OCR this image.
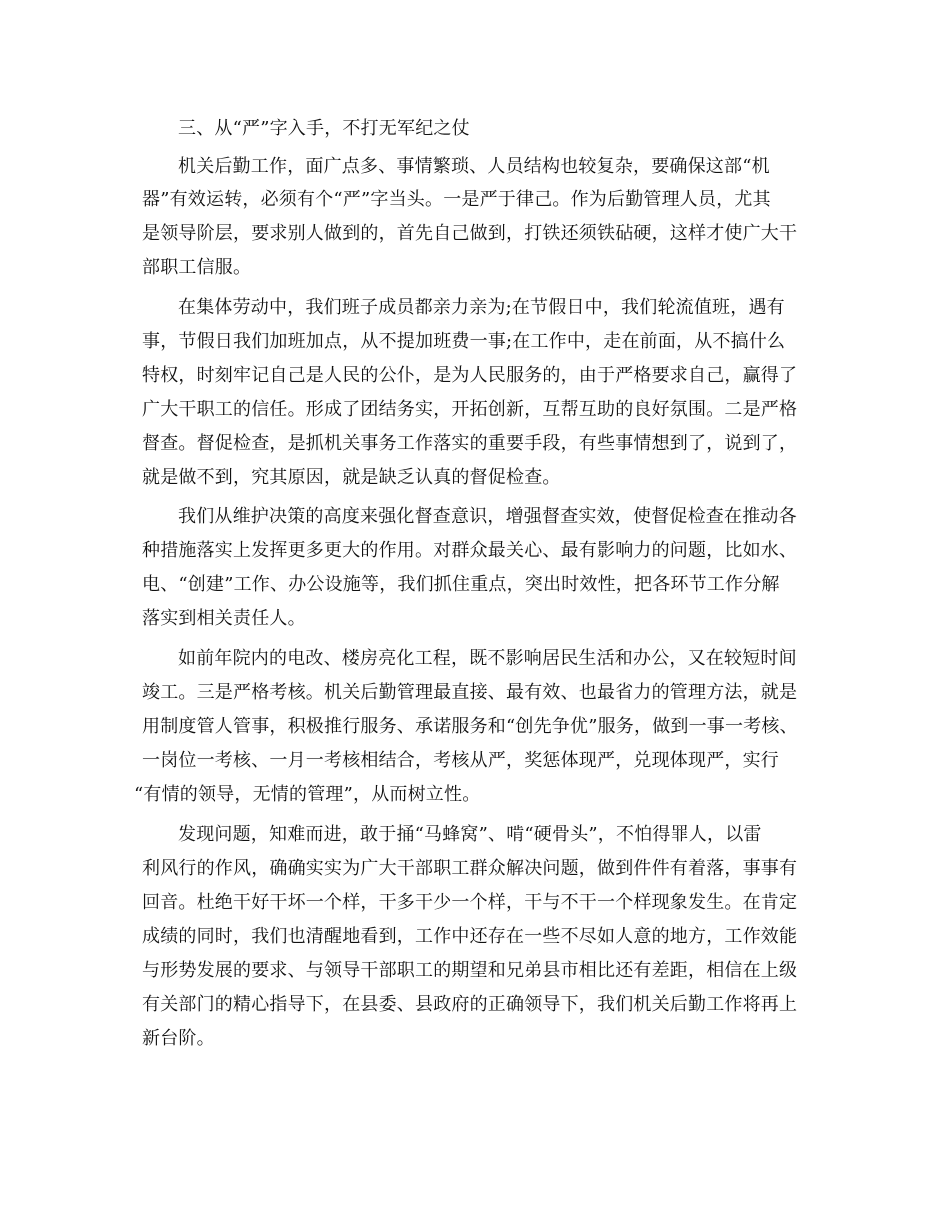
三、从“严”字入手，不打无军纪之仗
机关后勤工作，面广点多、事情繁琐、人员结构也较复杂，要确保这部“机
器”有效运转，必须有个“严”字当头。一是严于律己。作为后勤管理人员，尤其
是领导阶层，要求别人做到的，首先自己做到，打铁还须铁砧硬，这样才使广大干
部职工信服。
在集体劳动中，我们班子成员都亲力亲为;在节假日中，我们轮流值班，遇有
事，节假日我们加班加点，从不提加班费一事;在工作中，走在前面，从不搞什么
特权，时刻牢记自己是人民的公仆，是为人民服务的，由于严格要求自己，赢得了
广大干职工的信任。形成了团结务实，开拓创新，互帮互助的良好氛围。二是严格
督查。督促检查，是抓机关事务工作落实的重要手段，有些事情想到了，说到了，
就是做不到，究其原因，就是缺乏认真的督促检查。
我们从维护决策的高度来强化督查意识，增强督查实效，使督促检查在推动各
种措施落实上发挥更多更大的作用。对群众最关心、最有影响力的问题，比如水、
电、“创建”工作、办公设施等，我们抓住重点，突出时效性，把各环节工作分解
落实到相关责任人。
如前年院内的电改、楼房亮化工程，既不影响居民生活和办公，又在较短时间
竣工。三是严格考核。机关后勤管理最直接、最有效、也最省力的管理方法，就是
用制度管人管事，积极推行服务、承诺服务和“创先争优”服务，做到一事一考核、
一岗位一考核、一月一考核相结合，考核从严，奖惩体现严，兑现体现严，实行
“有情的领导，无情的管理”，从而树立性。
发现问题，知难而进，敢于捅“马蜂窝”、啃“硬骨头”，不怕得罪人，以雷
利风行的作风，确确实实为广大干部职工群众解决问题，做到件件有着落，事事有
回音。杜绝干好干坏一个样，干多干少一个样，干与不干一个样现象发生。在肯定
成绩的同时，我们也清醒地看到，工作中还存在一些不尽如人意的地方，工作效能
与形势发展的要求、与领导干部职工的期望和兄弟县市相比还有差距，相信在上级
有关部门的精心指导下，在县委、县政府的正确领导下，我们机关后勤工作将再上
新台阶。
